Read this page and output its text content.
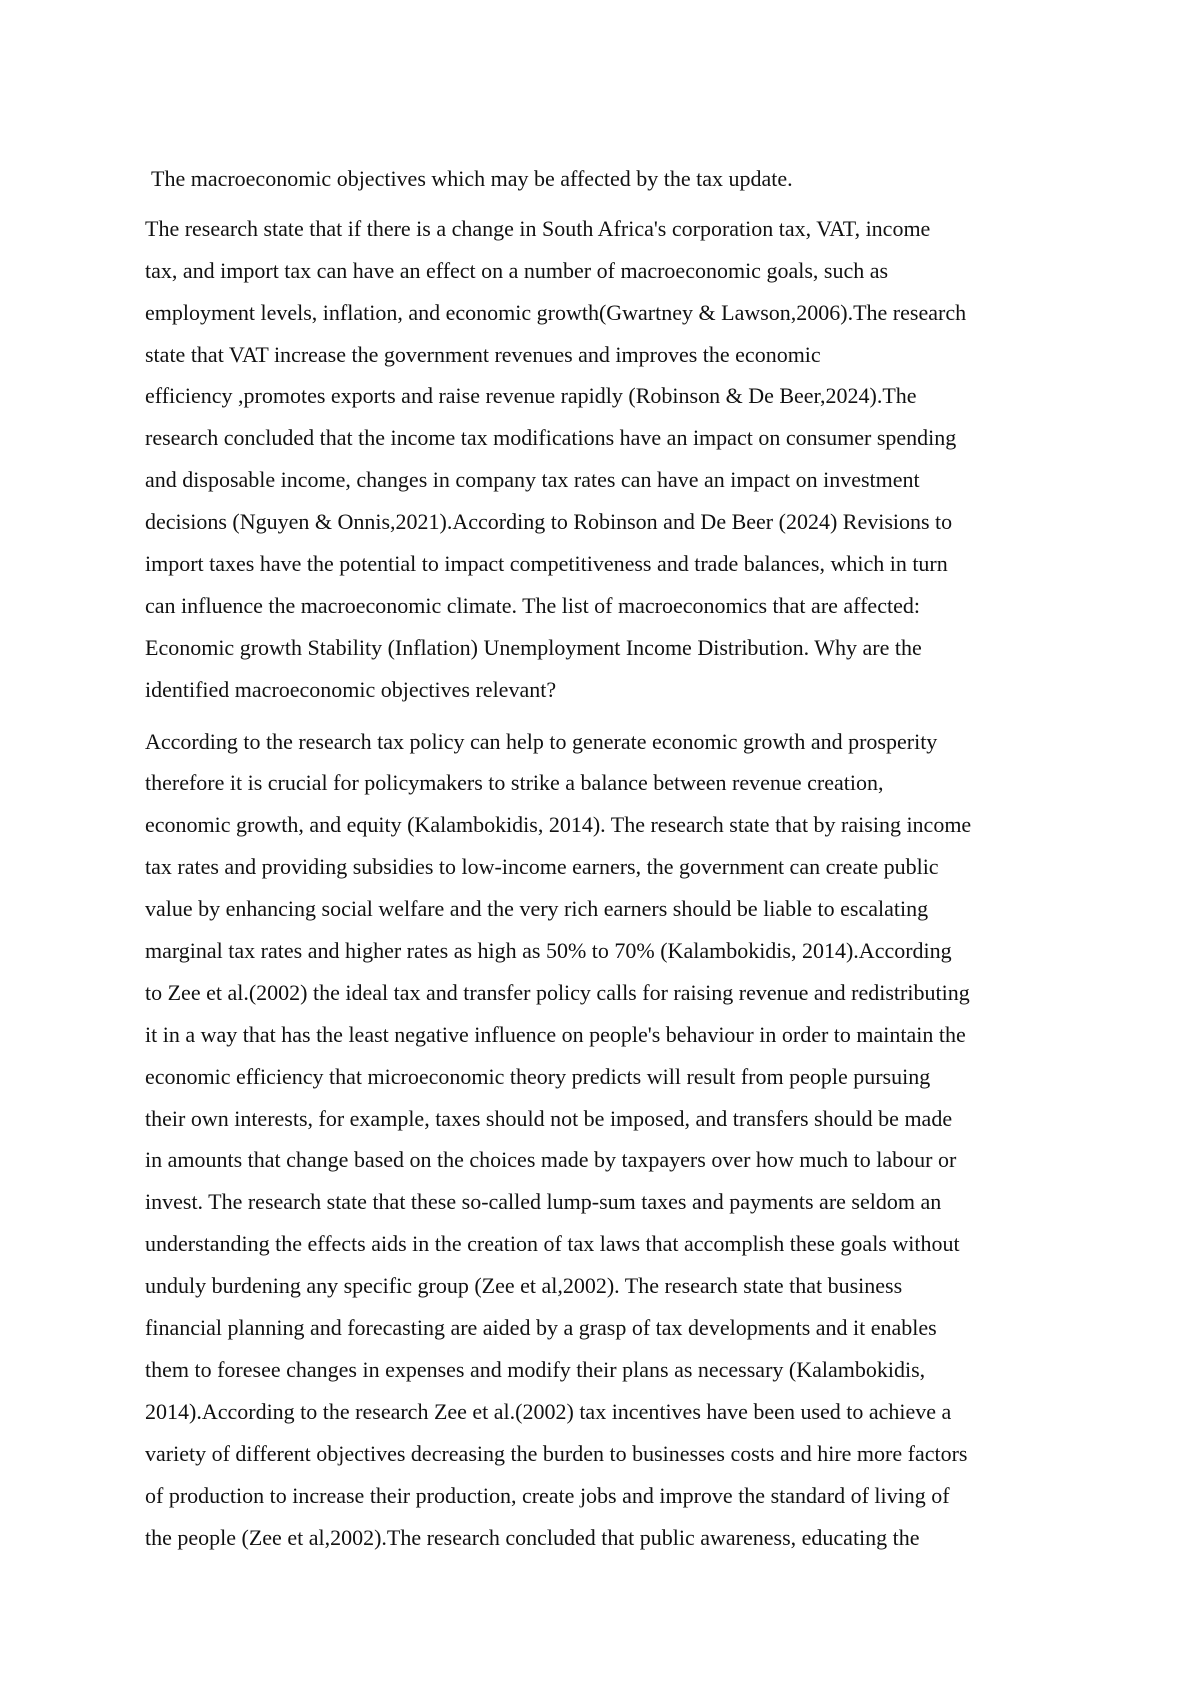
The macroeconomic objectives which may be affected by the tax update.
The research state that if there is a change in South Africa's corporation tax, VAT, income
tax, and import tax can have an effect on a number of macroeconomic goals, such as
employment levels, inflation, and economic growth(Gwartney & Lawson,2006).The research
state that VAT increase the government revenues and improves the economic
efficiency ,promotes exports and raise revenue rapidly (Robinson & De Beer,2024).The
research concluded that the income tax modifications have an impact on consumer spending
and disposable income, changes in company tax rates can have an impact on investment
decisions (Nguyen & Onnis,2021).According to Robinson and De Beer (2024) Revisions to
import taxes have the potential to impact competitiveness and trade balances, which in turn
can influence the macroeconomic climate. The list of macroeconomics that are affected:
Economic growth Stability (Inflation) Unemployment Income Distribution. Why are the
identified macroeconomic objectives relevant?
According to the research tax policy can help to generate economic growth and prosperity
therefore it is crucial for policymakers to strike a balance between revenue creation,
economic growth, and equity (Kalambokidis, 2014). The research state that by raising income
tax rates and providing subsidies to low-income earners, the government can create public
value by enhancing social welfare and the very rich earners should be liable to escalating
marginal tax rates and higher rates as high as 50% to 70% (Kalambokidis, 2014).According
to Zee et al.(2002) the ideal tax and transfer policy calls for raising revenue and redistributing
it in a way that has the least negative influence on people's behaviour in order to maintain the
economic efficiency that microeconomic theory predicts will result from people pursuing
their own interests, for example, taxes should not be imposed, and transfers should be made
in amounts that change based on the choices made by taxpayers over how much to labour or
invest. The research state that these so-called lump-sum taxes and payments are seldom an
understanding the effects aids in the creation of tax laws that accomplish these goals without
unduly burdening any specific group (Zee et al,2002). The research state that business
financial planning and forecasting are aided by a grasp of tax developments and it enables
them to foresee changes in expenses and modify their plans as necessary (Kalambokidis,
2014).According to the research Zee et al.(2002) tax incentives have been used to achieve a
variety of different objectives decreasing the burden to businesses costs and hire more factors
of production to increase their production, create jobs and improve the standard of living of
the people (Zee et al,2002).The research concluded that public awareness, educating the
